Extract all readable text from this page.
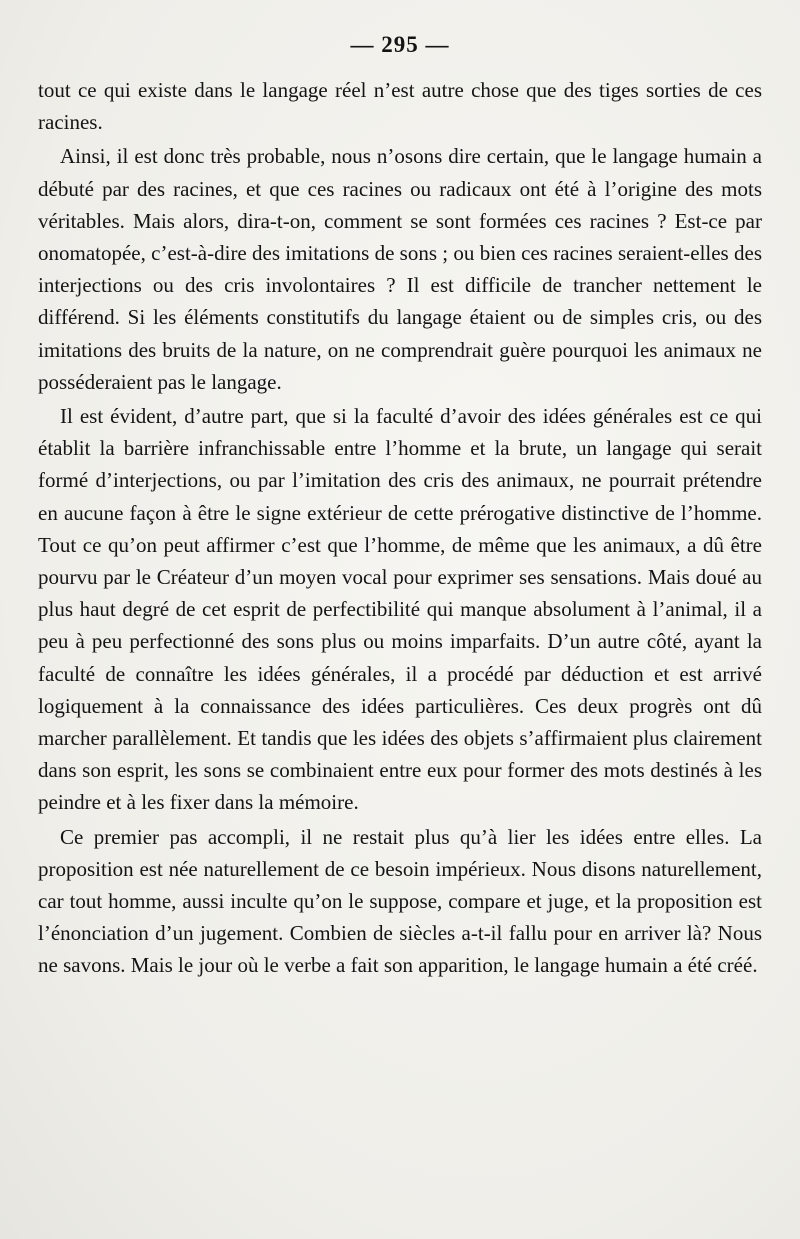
— 295 —

tout ce qui existe dans le langage réel n’est autre chose que des tiges sorties de ces racines.

Ainsi, il est donc très probable, nous n’osons dire certain, que le langage humain a débuté par des racines, et que ces racines ou radicaux ont été à l’origine des mots véritables. Mais alors, dira-t-on, comment se sont formées ces racines ? Est-ce par onomatopée, c’est-à-dire des imitations de sons ; ou bien ces racines seraient-elles des interjections ou des cris involontaires ? Il est difficile de trancher nettement le différend. Si les éléments constitutifs du langage étaient ou de simples cris, ou des imitations des bruits de la nature, on ne comprendrait guère pourquoi les animaux ne posséderaient pas le langage.

Il est évident, d’autre part, que si la faculté d’avoir des idées générales est ce qui établit la barrière infranchissable entre l’homme et la brute, un langage qui serait formé d’interjections, ou par l’imitation des cris des animaux, ne pourrait prétendre en aucune façon à être le signe extérieur de cette prérogative distinctive de l’homme. Tout ce qu’on peut affirmer c’est que l’homme, de même que les animaux, a dû être pourvu par le Créateur d’un moyen vocal pour exprimer ses sensations. Mais doué au plus haut degré de cet esprit de perfectibilité qui manque absolument à l’animal, il a peu à peu perfectionné des sons plus ou moins imparfaits. D’un autre côté, ayant la faculté de connaître les idées générales, il a procédé par déduction et est arrivé logiquement à la connaissance des idées particulières. Ces deux progrès ont dû marcher parallèlement. Et tandis que les idées des objets s’affirmaient plus clairement dans son esprit, les sons se combinaient entre eux pour former des mots destinés à les peindre et à les fixer dans la mémoire.

Ce premier pas accompli, il ne restait plus qu’à lier les idées entre elles. La proposition est née naturellement de ce besoin impérieux. Nous disons naturellement, car tout homme, aussi inculte qu’on le suppose, compare et juge, et la proposition est l’énonciation d’un jugement. Combien de siècles a-t-il fallu pour en arriver là? Nous ne savons. Mais le jour où le verbe a fait son apparition, le langage humain a été créé.
